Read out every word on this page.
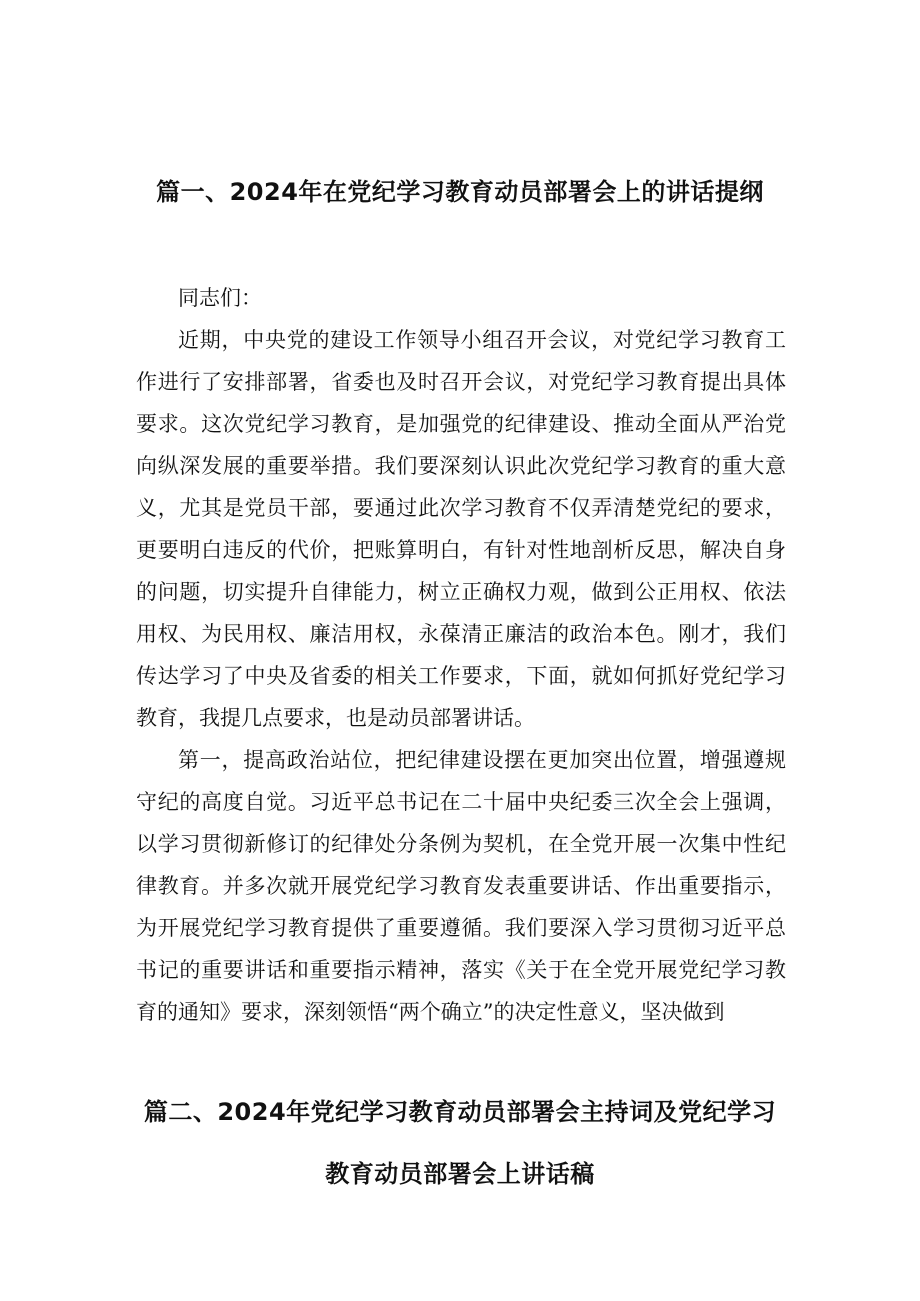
篇一、2024年在党纪学习教育动员部署会上的讲话提纲
同志们：
近期，中央党的建设工作领导小组召开会议，对党纪学习教育工
作进行了安排部署，省委也及时召开会议，对党纪学习教育提出具体
要求。这次党纪学习教育，是加强党的纪律建设、推动全面从严治党
向纵深发展的重要举措。我们要深刻认识此次党纪学习教育的重大意
义，尤其是党员干部，要通过此次学习教育不仅弄清楚党纪的要求，
更要明白违反的代价，把账算明白，有针对性地剖析反思，解决自身
的问题，切实提升自律能力，树立正确权力观，做到公正用权、依法
用权、为民用权、廉洁用权，永葆清正廉洁的政治本色。刚才，我们
传达学习了中央及省委的相关工作要求，下面，就如何抓好党纪学习
教育，我提几点要求，也是动员部署讲话。
第一，提高政治站位，把纪律建设摆在更加突出位置，增强遵规
守纪的高度自觉。习近平总书记在二十届中央纪委三次全会上强调，
以学习贯彻新修订的纪律处分条例为契机，在全党开展一次集中性纪
律教育。并多次就开展党纪学习教育发表重要讲话、作出重要指示，
为开展党纪学习教育提供了重要遵循。我们要深入学习贯彻习近平总
书记的重要讲话和重要指示精神，落实《关于在全党开展党纪学习教
育的通知》要求，深刻领悟“两个确立”的决定性意义，坚决做到
篇二、2024年党纪学习教育动员部署会主持词及党纪学习
教育动员部署会上讲话稿
